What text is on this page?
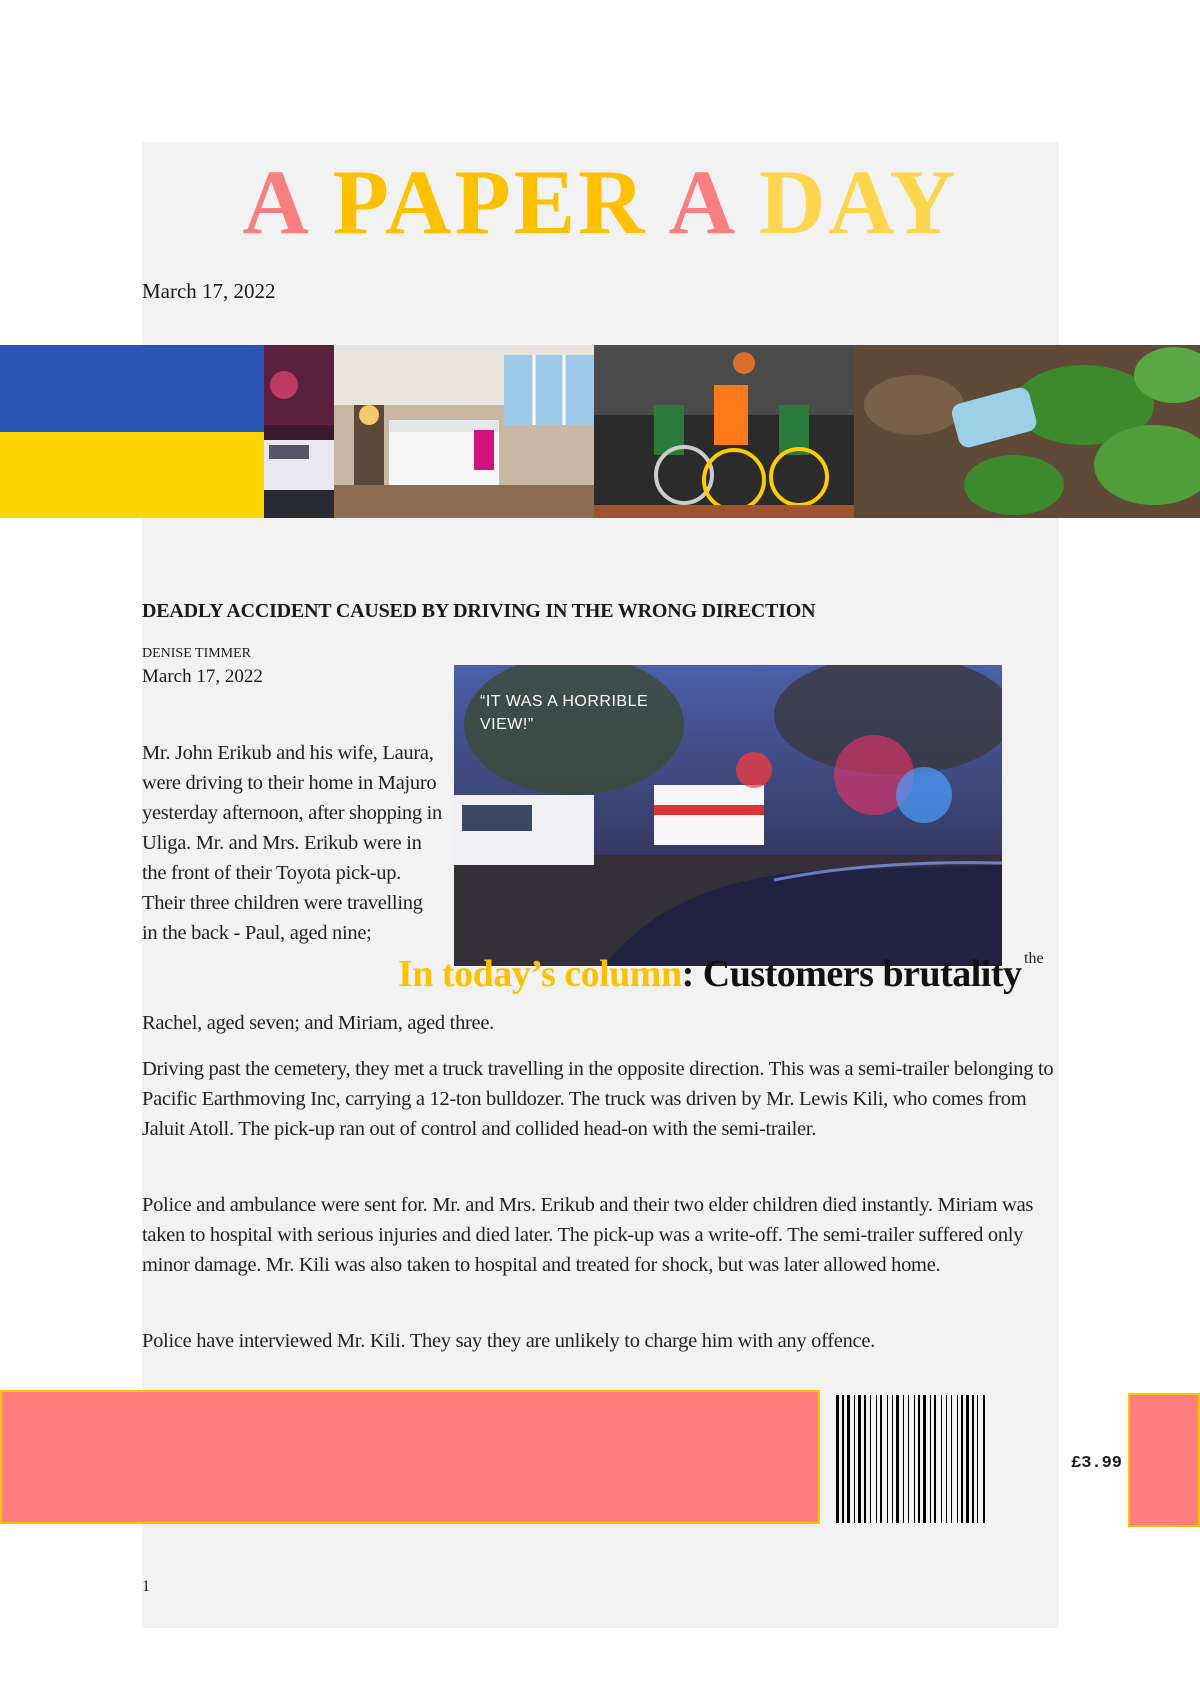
A PAPER A DAY
March 17, 2022
DEADLY ACCIDENT CAUSED BY DRIVING IN THE WRONG DIRECTION
DENISE TIMMER
March 17, 2022
“IT WAS A HORRIBLE VIEW!”
Mr. John Erikub and his wife, Laura, were driving to their home in Majuro yesterday afternoon, after shopping in Uliga. Mr. and Mrs. Erikub were in the front of their Toyota pick-up. Their three children were travelling in the back - Paul, aged nine;
Rachel, aged seven; and Miriam, aged three.
Driving past the cemetery, they met a truck travelling in the opposite direction. This was a semi-trailer belonging to Pacific Earthmoving Inc, carrying a 12-ton bulldozer. The truck was driven by Mr. Lewis Kili, who comes from Jaluit Atoll. The pick-up ran out of control and collided head-on with the semi-trailer.
Police and ambulance were sent for. Mr. and Mrs. Erikub and their two elder children died instantly. Miriam was taken to hospital with serious injuries and died later. The pick-up was a write-off. The semi-trailer suffered only minor damage. Mr. Kili was also taken to hospital and treated for shock, but was later allowed home.
Police have interviewed Mr. Kili. They say they are unlikely to charge him with any offence.
In today’s column: Customers brutality the
£3.99
1
